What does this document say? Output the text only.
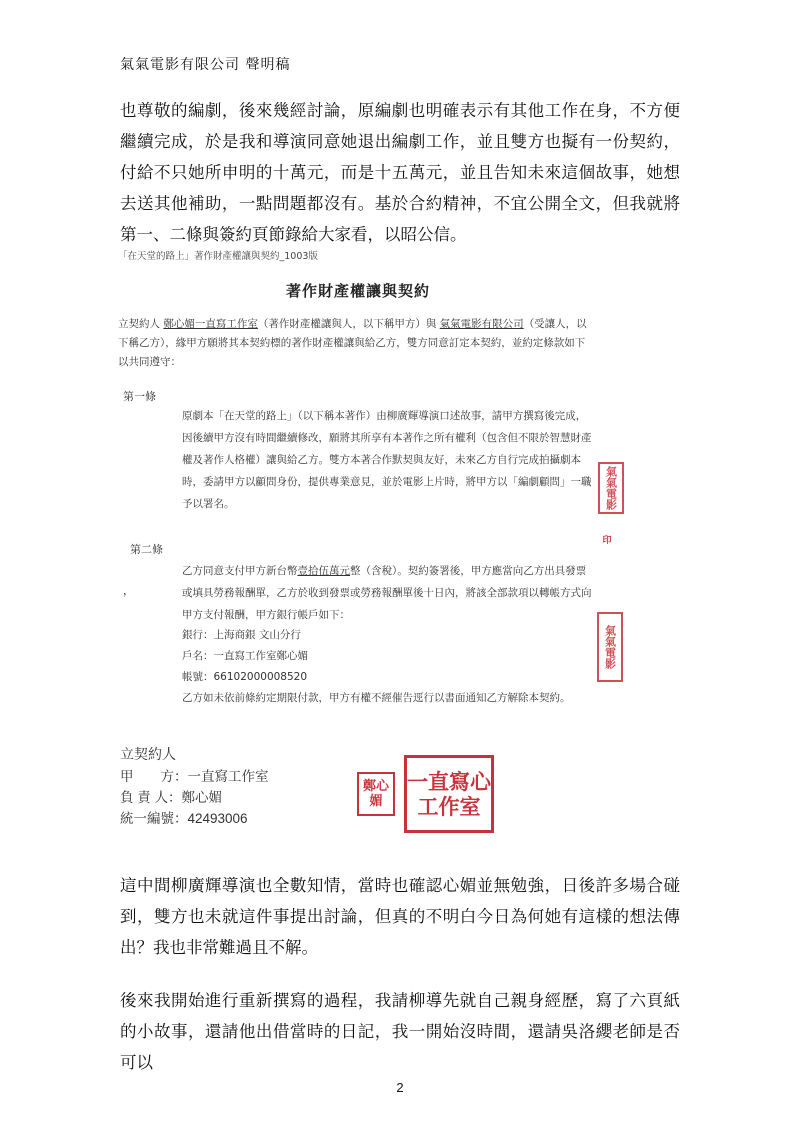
氣氣電影有限公司 聲明稿

也尊敬的編劇，後來幾經討論，原編劇也明確表示有其他工作在身，不方便繼續完成，於是我和導演同意她退出編劇工作，並且雙方也擬有一份契約，付給不只她所申明的十萬元，而是十五萬元，並且告知未來這個故事，她想去送其他補助，一點問題都沒有。基於合約精神，不宜公開全文，但我就將第一、二條與簽約頁節錄給大家看，以昭公信。

「在天堂的路上」著作財產權讓與契約_1003版
著作財產權讓與契約

立契約人 鄭心媚一直寫工作室（著作財產權讓與人，以下稱甲方）與 氣氣電影有限公司（受讓人，以下稱乙方），緣甲方願將其本契約標的著作財產權讓與給乙方，雙方同意訂定本契約，並約定條款如下以共同遵守：

第一條

原劇本「在天堂的路上」（以下稱本著作）由柳廣輝導演口述故事，請甲方撰寫後完成，因後續甲方沒有時間繼續修改，願將其所享有本著作之所有權利（包含但不限於智慧財產權及著作人格權）讓與給乙方。雙方本著合作默契與友好，未來乙方自行完成拍攝劇本時，委請甲方以顧問身份，提供專業意見，並於電影上片時，將甲方以「編劇顧問」一職予以署名。

第二條
，

乙方同意支付甲方新台幣壹拾伍萬元整（含稅）。契約簽署後，甲方應當向乙方出具發票或填具勞務報酬單，乙方於收到發票或勞務報酬單後十日內，將該全部款項以轉帳方式向甲方支付報酬，甲方銀行帳戶如下：

銀行：上海商銀 文山分行
戶名：一直寫工作室鄭心媚
帳號：66102000008520

乙方如未依前條約定期限付款，甲方有權不經催告逕行以書面通知乙方解除本契約。

氣氣電影
印
氣氣電影
立契約人
甲　　方：一直寫工作室
負 責 人：鄭心媚
統一編號：42493006
鄭心媚
一直寫心工作室

這中間柳廣輝導演也全數知情，當時也確認心媚並無勉強，日後許多場合碰到，雙方也未就這件事提出討論，但真的不明白今日為何她有這樣的想法傳出？我也非常難過且不解。

後來我開始進行重新撰寫的過程，我請柳導先就自己親身經歷，寫了六頁紙的小故事，還請他出借當時的日記，我一開始沒時間，還請吳洛纓老師是否可以

2
